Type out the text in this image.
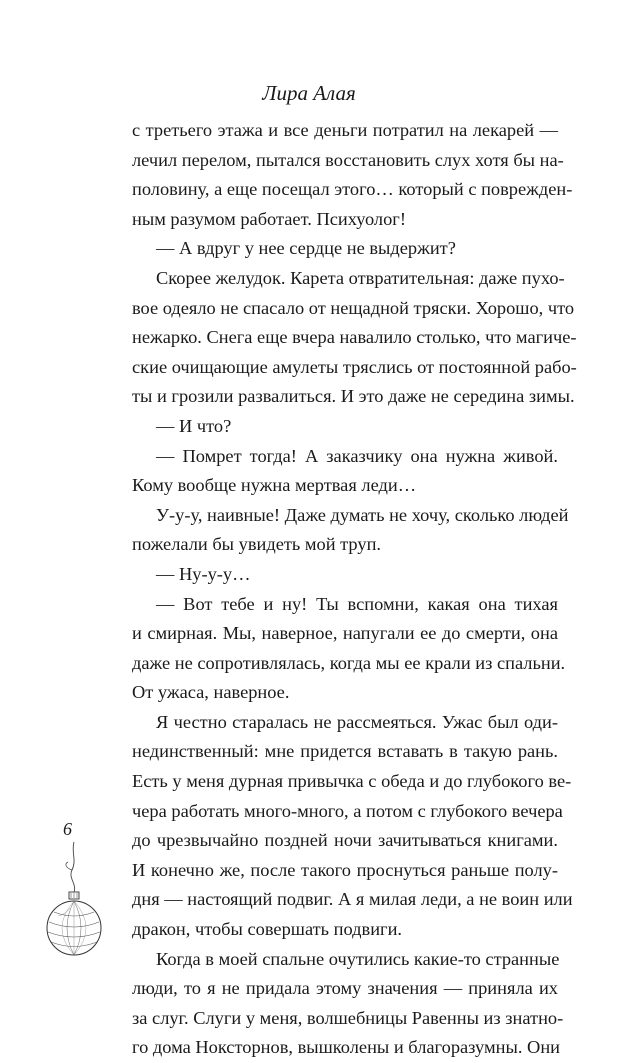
Лира Алая
с третьего этажа и все деньги потратил на лекарей —
лечил перелом, пытался восстановить слух хотя бы на-
половину, а еще посещал этого… который с поврежден-
ным разумом работает. Психуолог!
— А вдруг у нее сердце не выдержит?
Скорее желудок. Карета отвратительная: даже пухо-
вое одеяло не спасало от нещадной тряски. Хорошо, что
нежарко. Снега еще вчера навалило столько, что магиче-
ские очищающие амулеты тряслись от постоянной рабо-
ты и грозили развалиться. И это даже не середина зимы.
— И что?
— Помрет тогда! А заказчику она нужна живой.
Кому вообще нужна мертвая леди…
У-у-у, наивные! Даже думать не хочу, сколько людей
пожелали бы увидеть мой труп.
— Ну-у-у…
— Вот тебе и ну! Ты вспомни, какая она тихая
и смирная. Мы, наверное, напугали ее до смерти, она
даже не сопротивлялась, когда мы ее крали из спальни.
От ужаса, наверное.
Я честно старалась не рассмеяться. Ужас был оди-
нединственный: мне придется вставать в такую рань.
Есть у меня дурная привычка с обеда и до глубокого ве-
чера работать много-много, а потом с глубокого вечера
до чрезвычайно поздней ночи зачитываться книгами.
И конечно же, после такого проснуться раньше полу-
дня — настоящий подвиг. А я милая леди, а не воин или
дракон, чтобы совершать подвиги.
Когда в моей спальне очутились какие-то странные
люди, то я не придала этому значения — приняла их
за слуг. Слуги у меня, волшебницы Равенны из знатно-
го дома Ноксторнов, вышколены и благоразумны. Они
6
